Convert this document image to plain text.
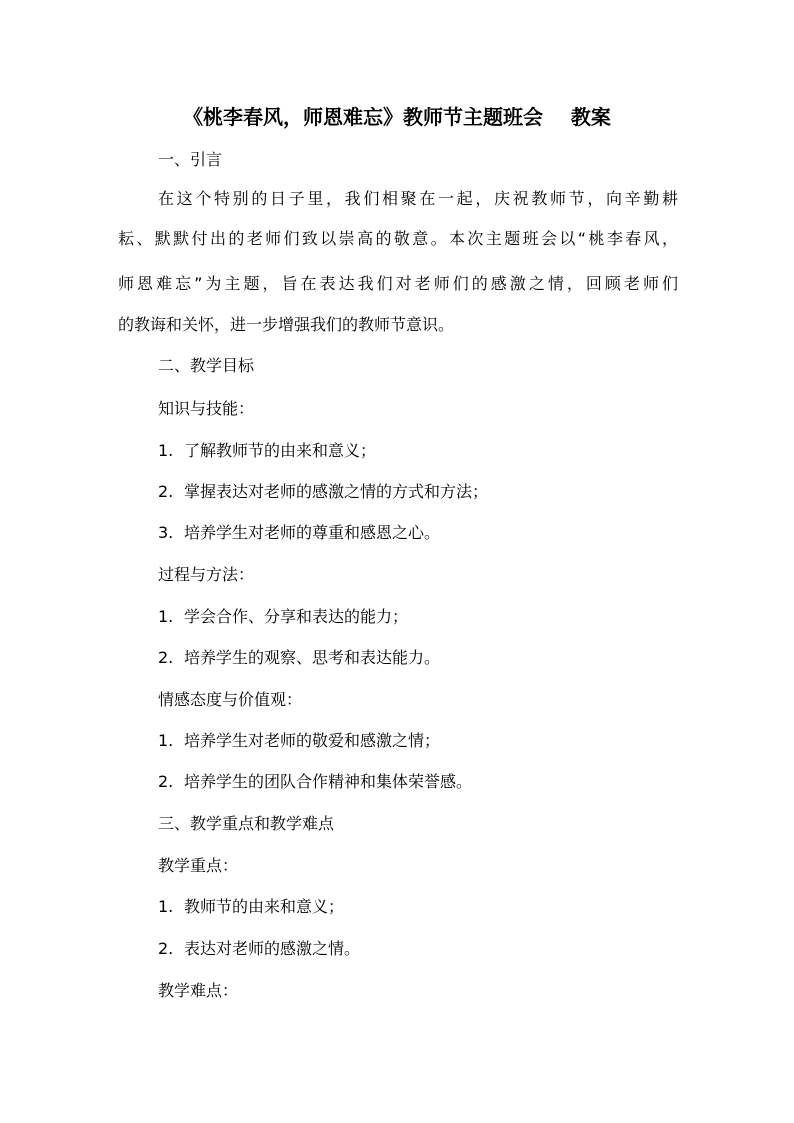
《桃李春风，师恩难忘》教师节主题班会    教案
一、引言
在这个特别的日子里，我们相聚在一起，庆祝教师节，向辛勤耕
耘、默默付出的老师们致以崇高的敬意。本次主题班会以“桃李春风，
师恩难忘”为主题，旨在表达我们对老师们的感激之情，回顾老师们
的教诲和关怀，进一步增强我们的教师节意识。
二、教学目标
知识与技能：
1. 了解教师节的由来和意义；
2. 掌握表达对老师的感激之情的方式和方法；
3. 培养学生对老师的尊重和感恩之心。
过程与方法：
1. 学会合作、分享和表达的能力；
2. 培养学生的观察、思考和表达能力。
情感态度与价值观：
1. 培养学生对老师的敬爱和感激之情；
2. 培养学生的团队合作精神和集体荣誉感。
三、教学重点和教学难点
教学重点：
1. 教师节的由来和意义；
2. 表达对老师的感激之情。
教学难点：
